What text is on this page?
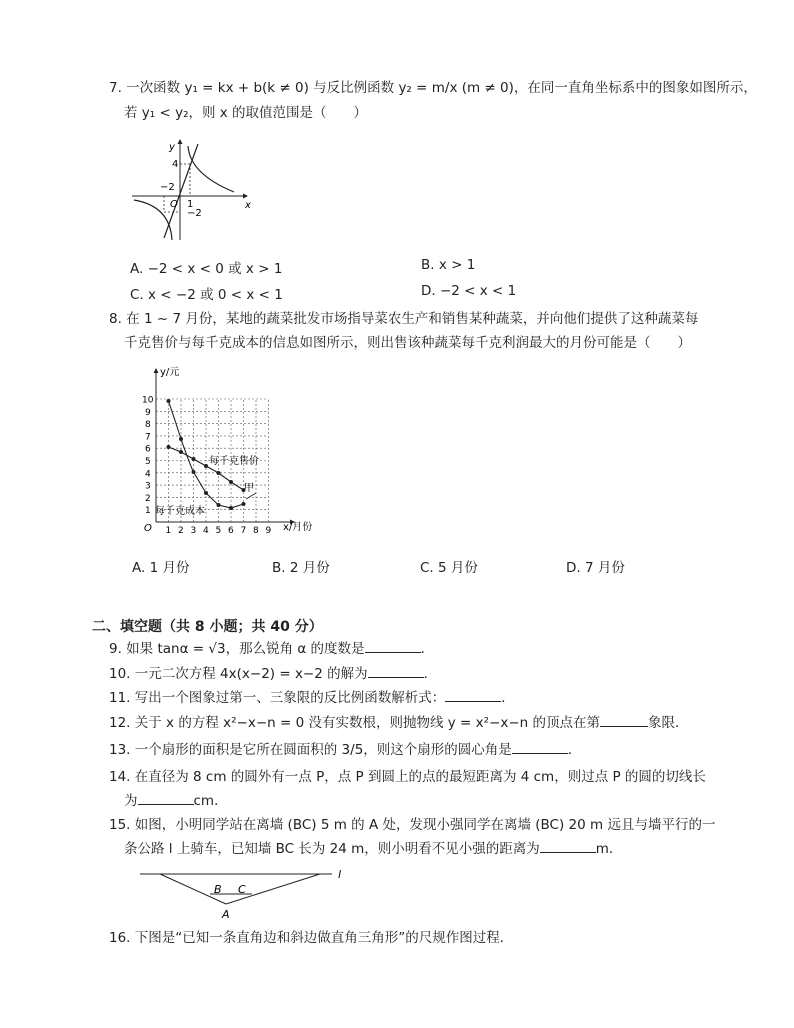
7. 一次函数 y₁ = kx + b(k ≠ 0) 与反比例函数 y₂ = m/x (m ≠ 0)，在同一直角坐标系中的图象如图所示，
若 y₁ < y₂，则 x 的取值范围是（　　）
y
x
O
4
−2
1
−2
A. −2 < x < 0 或 x > 1	B. x > 1
C. x < −2 或 0 < x < 1	D. −2 < x < 1
8. 在 1 ~ 7 月份，某地的蔬菜批发市场指导菜农生产和销售某种蔬菜，并向他们提供了这种蔬菜每
千克售价与每千克成本的信息如图所示，则出售该种蔬菜每千克利润最大的月份可能是（　　）
1 2 3 4 5 6 7 8 9
1
2
3
4
5
6
7
8
9
10
y/元
x/月份
O
每千克售价
每千克成本
甲
A. 1 月份	B. 2 月份	C. 5 月份	D. 7 月份
二、填空题（共 8 小题；共 40 分）
9. 如果 tanα = √3，那么锐角 α 的度数是	．
10. 一元二次方程 4x(x−2) = x−2 的解为	．
11. 写出一个图象过第一、三象限的反比例函数解析式：	．
12. 关于 x 的方程 x²−x−n = 0 没有实数根，则抛物线 y = x²−x−n 的顶点在第	象限．
13. 一个扇形的面积是它所在圆面积的 3/5，则这个扇形的圆心角是	．
14. 在直径为 8 cm 的圆外有一点 P，点 P 到圆上的点的最短距离为 4 cm，则过点 P 的圆的切线长
为	cm．
15. 如图，小明同学站在离墙 (BC) 5 m 的 A 处，发现小强同学在离墙 (BC) 20 m 远且与墙平行的一
条公路 l 上骑车，已知墙 BC 长为 24 m，则小明看不见小强的距离为	m．
l
B C
A
16. 下图是“已知一条直角边和斜边做直角三角形”的尺规作图过程．
